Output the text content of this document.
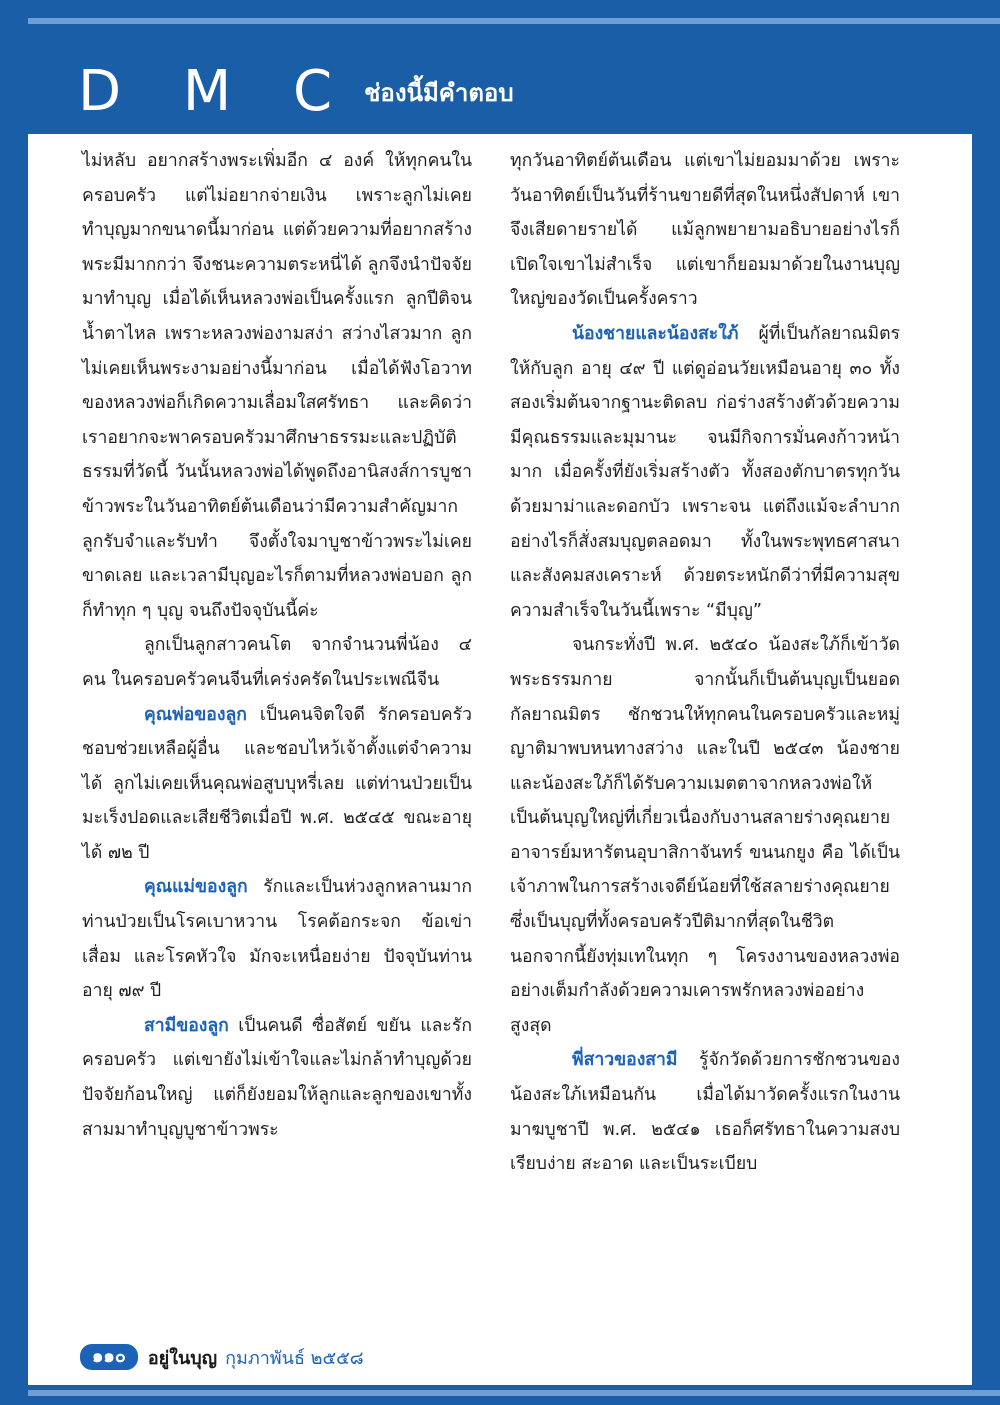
D M C ช่องนี้มีคำตอบ

ไม่หลับ อยากสร้างพระเพิ่มอีก ๔ องค์ ให้ทุกคนในครอบครัว แต่ไม่อยากจ่ายเงิน เพราะลูกไม่เคยทำบุญมากขนาดนี้มาก่อน แต่ด้วยความที่อยากสร้างพระมีมากกว่า จึงชนะความตระหนี่ได้ ลูกจึงนำปัจจัยมาทำบุญ เมื่อได้เห็นหลวงพ่อเป็นครั้งแรก ลูกปีติจนน้ำตาไหล เพราะหลวงพ่องามสง่า สว่างไสวมาก ลูกไม่เคยเห็นพระงามอย่างนี้มาก่อน เมื่อได้ฟังโอวาทของหลวงพ่อก็เกิดความเลื่อมใสศรัทธา และคิดว่าเราอยากจะพาครอบครัวมาศึกษาธรรมะและปฏิบัติธรรมที่วัดนี้ วันนั้นหลวงพ่อได้พูดถึงอานิสงส์การบูชาข้าวพระในวันอาทิตย์ต้นเดือนว่ามีความสำคัญมาก ลูกรับจำและรับทำ จึงตั้งใจมาบูชาข้าวพระไม่เคยขาดเลย และเวลามีบุญอะไรก็ตามที่หลวงพ่อบอก ลูกก็ทำทุก ๆ บุญ จนถึงปัจจุบันนี้ค่ะ

ลูกเป็นลูกสาวคนโต จากจำนวนพี่น้อง ๔ คน ในครอบครัวคนจีนที่เคร่งครัดในประเพณีจีน

คุณพ่อของลูก เป็นคนจิตใจดี รักครอบครัว ชอบช่วยเหลือผู้อื่น และชอบไหว้เจ้าตั้งแต่จำความได้ ลูกไม่เคยเห็นคุณพ่อสูบบุหรี่เลย แต่ท่านป่วยเป็นมะเร็งปอดและเสียชีวิตเมื่อปี พ.ศ. ๒๕๔๕ ขณะอายุได้ ๗๒ ปี

คุณแม่ของลูก รักและเป็นห่วงลูกหลานมาก ท่านป่วยเป็นโรคเบาหวาน โรคต้อกระจก ข้อเข่าเสื่อม และโรคหัวใจ มักจะเหนื่อยง่าย ปัจจุบันท่านอายุ ๗๙ ปี

สามีของลูก เป็นคนดี ซื่อสัตย์ ขยัน และรักครอบครัว แต่เขายังไม่เข้าใจและไม่กล้าทำบุญด้วยปัจจัยก้อนใหญ่ แต่ก็ยังยอมให้ลูกและลูกของเขาทั้งสามมาทำบุญบูชาข้าวพระ

ทุกวันอาทิตย์ต้นเดือน แต่เขาไม่ยอมมาด้วย เพราะวันอาทิตย์เป็นวันที่ร้านขายดีที่สุดในหนึ่งสัปดาห์ เขาจึงเสียดายรายได้ แม้ลูกพยายามอธิบายอย่างไรก็เปิดใจเขาไม่สำเร็จ แต่เขาก็ยอมมาด้วยในงานบุญใหญ่ของวัดเป็นครั้งคราว

น้องชายและน้องสะใภ้ ผู้ที่เป็นกัลยาณมิตรให้กับลูก อายุ ๔๙ ปี แต่ดูอ่อนวัยเหมือนอายุ ๓๐ ทั้งสองเริ่มต้นจากฐานะติดลบ ก่อร่างสร้างตัวด้วยความมีคุณธรรมและมุมานะ จนมีกิจการมั่นคงก้าวหน้ามาก เมื่อครั้งที่ยังเริ่มสร้างตัว ทั้งสองตักบาตรทุกวันด้วยมาม่าและดอกบัว เพราะจน แต่ถึงแม้จะลำบากอย่างไรก็สั่งสมบุญตลอดมา ทั้งในพระพุทธศาสนาและสังคมสงเคราะห์ ด้วยตระหนักดีว่าที่มีความสุข ความสำเร็จในวันนี้เพราะ “มีบุญ”

จนกระทั่งปี พ.ศ. ๒๕๔๐ น้องสะใภ้ก็เข้าวัดพระธรรมกาย จากนั้นก็เป็นต้นบุญเป็นยอดกัลยาณมิตร ชักชวนให้ทุกคนในครอบครัวและหมู่ญาติมาพบหนทางสว่าง และในปี ๒๕๔๓ น้องชายและน้องสะใภ้ก็ได้รับความเมตตาจากหลวงพ่อให้เป็นต้นบุญใหญ่ที่เกี่ยวเนื่องกับงานสลายร่างคุณยายอาจารย์มหารัตนอุบาสิกาจันทร์ ขนนกยูง คือ ได้เป็นเจ้าภาพในการสร้างเจดีย์น้อยที่ใช้สลายร่างคุณยาย ซึ่งเป็นบุญที่ทั้งครอบครัวปีติมากที่สุดในชีวิต นอกจากนี้ยังทุ่มเทในทุก ๆ โครงงานของหลวงพ่ออย่างเต็มกำลังด้วยความเคารพรักหลวงพ่ออย่างสูงสุด

พี่สาวของสามี รู้จักวัดด้วยการชักชวนของน้องสะใภ้เหมือนกัน เมื่อได้มาวัดครั้งแรกในงานมาฆบูชาปี พ.ศ. ๒๕๔๑ เธอก็ศรัทธาในความสงบ เรียบง่าย สะอาด และเป็นระเบียบ

๑๑๐	อยู่ในบุญ กุมภาพันธ์ ๒๕๕๘
